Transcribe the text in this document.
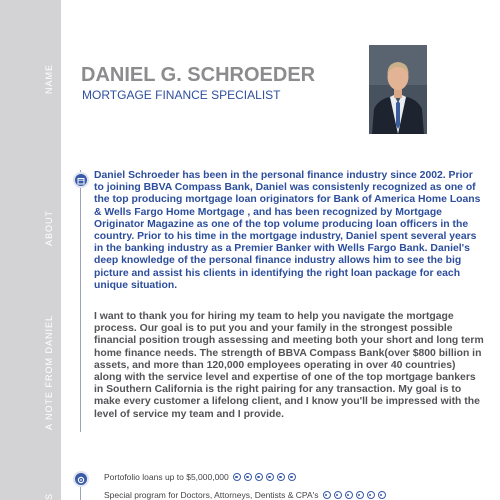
NAME
ABOUT
A NOTE FROM DANIEL
S
DANIEL G. SCHROEDER
MORTGAGE FINANCE SPECIALIST

Daniel Schroeder has been in the personal finance industry since 2002. Prior to joining BBVA Compass Bank, Daniel was consistenly recognized as one of the top producing mortgage loan originators for Bank of America Home Loans & Wells Fargo Home Mortgage , and has been recognized by Mortgage Originator Magazine as one of the top volume producing loan officers in the country. Prior to his time in the mortgage industry, Daniel spent several years in the banking industry as a Premier Banker with Wells Fargo Bank. Daniel's deep knowledge of the personal finance industry allows him to see the big picture and assist his clients in identifying the right loan package for each unique situation.

I want to thank you for hiring my team to help you navigate the mortgage process. Our goal is to put you and your family in the strongest possible financial position trough assessing and meeting both your short and long term home finance needs. The strength of BBVA Compass Bank(over $800 billion in assets, and more than 120,000 employees operating in over 40 countries) along with the service level and expertise of one of the top mortgage bankers in Southern California is the right pairing for any transaction. My goal is to make every customer a lifelong client, and I know you'll be impressed with the level of service my team and I provide.

Portofolio loans up to $5,000,000
Special program for Doctors, Attorneys, Dentists & CPA's
